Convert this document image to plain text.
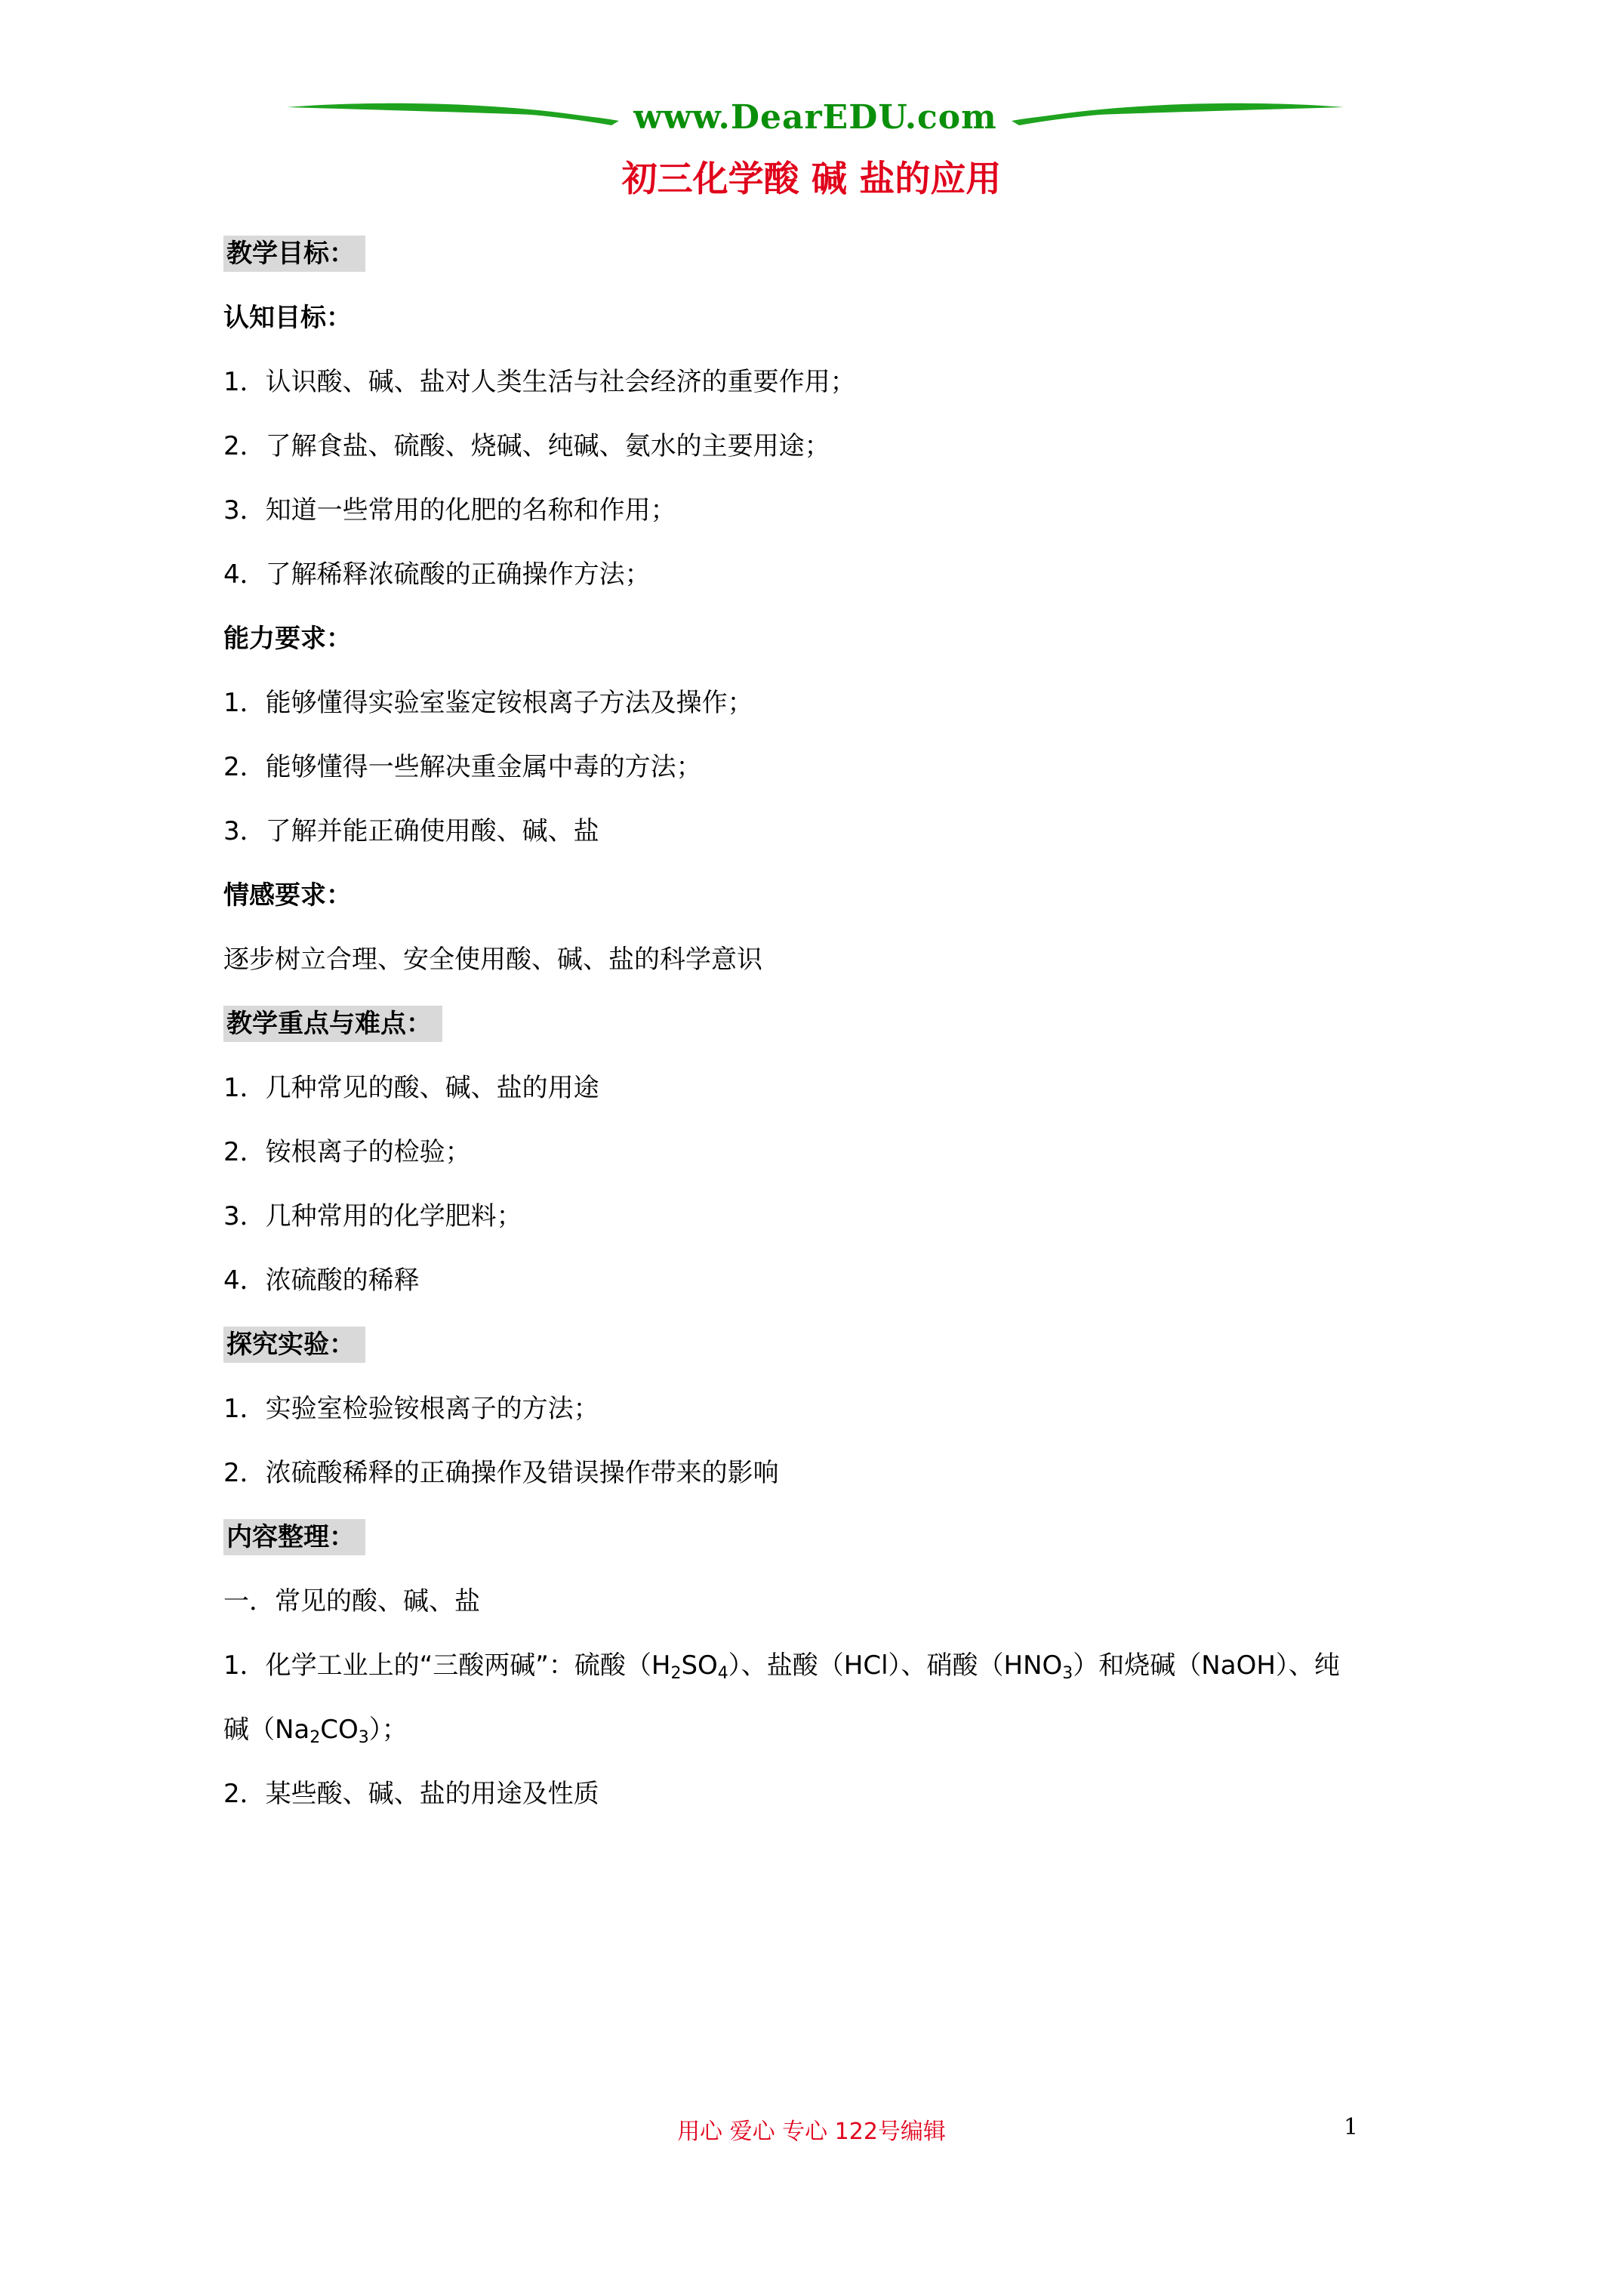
www.DearEDU.com
初三化学酸 碱 盐的应用
教学目标：
认知目标：
1．认识酸、碱、盐对人类生活与社会经济的重要作用；
2．了解食盐、硫酸、烧碱、纯碱、氨水的主要用途；
3．知道一些常用的化肥的名称和作用；
4．了解稀释浓硫酸的正确操作方法；
能力要求：
1．能够懂得实验室鉴定铵根离子方法及操作；
2．能够懂得一些解决重金属中毒的方法；
3．了解并能正确使用酸、碱、盐
情感要求：
逐步树立合理、安全使用酸、碱、盐的科学意识
教学重点与难点：
1．几种常见的酸、碱、盐的用途
2．铵根离子的检验；
3．几种常用的化学肥料；
4．浓硫酸的稀释
探究实验：
1．实验室检验铵根离子的方法；
2．浓硫酸稀释的正确操作及错误操作带来的影响
内容整理：
一．常见的酸、碱、盐
1．化学工业上的“三酸两碱”：硫酸$(H_2SO_4)$、盐酸（HCl）、硝酸$(HNO_3)$和烧碱（NaOH）、纯
碱$(Na_2CO_3)$；
2．某些酸、碱、盐的用途及性质
用心 爱心 专心 122号编辑	1
